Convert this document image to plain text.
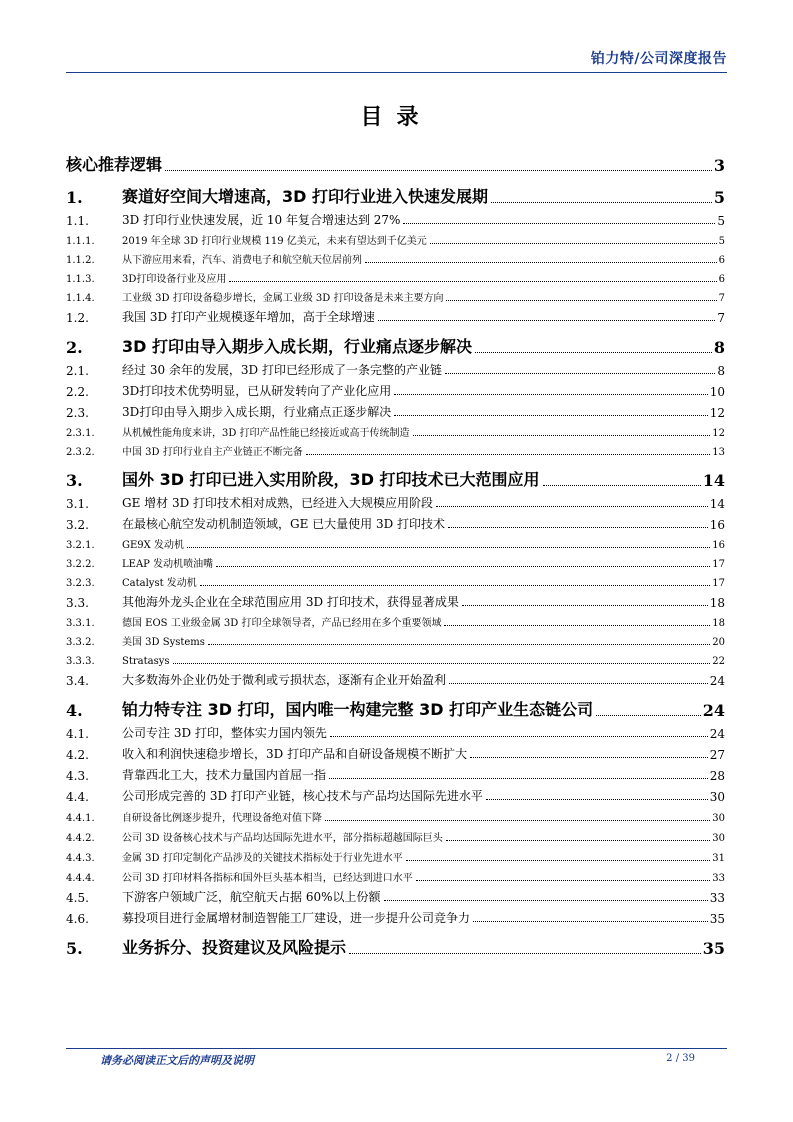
铂力特/公司深度报告
目录
核心推荐逻辑	3
1.	赛道好空间大增速高，3D 打印行业进入快速发展期	5
1.1.	3D 打印行业快速发展，近 10 年复合增速达到 27%	5
1.1.1.	2019 年全球 3D 打印行业规模 119 亿美元，未来有望达到千亿美元	5
1.1.2.	从下游应用来看，汽车、消费电子和航空航天位居前列	6
1.1.3.	3D打印设备行业及应用	6
1.1.4.	工业级 3D 打印设备稳步增长，金属工业级 3D 打印设备是未来主要方向	7
1.2.	我国 3D 打印产业规模逐年增加，高于全球增速	7
2.	3D 打印由导入期步入成长期，行业痛点逐步解决	8
2.1.	经过 30 余年的发展，3D 打印已经形成了一条完整的产业链	8
2.2.	3D打印技术优势明显，已从研发转向了产业化应用	10
2.3.	3D打印由导入期步入成长期，行业痛点正逐步解决	12
2.3.1.	从机械性能角度来讲，3D 打印产品性能已经接近或高于传统制造	12
2.3.2.	中国 3D 打印行业自主产业链正不断完备	13
3.	国外 3D 打印已进入实用阶段，3D 打印技术已大范围应用	14
3.1.	GE 增材 3D 打印技术相对成熟，已经进入大规模应用阶段	14
3.2.	在最核心航空发动机制造领域，GE 已大量使用 3D 打印技术	16
3.2.1.	GE9X 发动机	16
3.2.2.	LEAP 发动机喷油嘴	17
3.2.3.	Catalyst 发动机	17
3.3.	其他海外龙头企业在全球范围应用 3D 打印技术，获得显著成果	18
3.3.1.	德国 EOS 工业级金属 3D 打印全球领导者，产品已经用在多个重要领域	18
3.3.2.	美国 3D Systems	20
3.3.3.	Stratasys	22
3.4.	大多数海外企业仍处于微利或亏损状态，逐渐有企业开始盈利	24
4.	铂力特专注 3D 打印，国内唯一构建完整 3D 打印产业生态链公司	24
4.1.	公司专注 3D 打印，整体实力国内领先	24
4.2.	收入和利润快速稳步增长，3D 打印产品和自研设备规模不断扩大	27
4.3.	背靠西北工大，技术力量国内首屈一指	28
4.4.	公司形成完善的 3D 打印产业链，核心技术与产品均达国际先进水平	30
4.4.1.	自研设备比例逐步提升，代理设备绝对值下降	30
4.4.2.	公司 3D 设备核心技术与产品均达国际先进水平，部分指标超越国际巨头	30
4.4.3.	金属 3D 打印定制化产品涉及的关键技术指标处于行业先进水平	31
4.4.4.	公司 3D 打印材料各指标和国外巨头基本相当，已经达到进口水平	33
4.5.	下游客户领域广泛，航空航天占据 60%以上份额	33
4.6.	募投项目进行金属增材制造智能工厂建设，进一步提升公司竞争力	35
5.	业务拆分、投资建议及风险提示	35
请务必阅读正文后的声明及说明	2 / 39
